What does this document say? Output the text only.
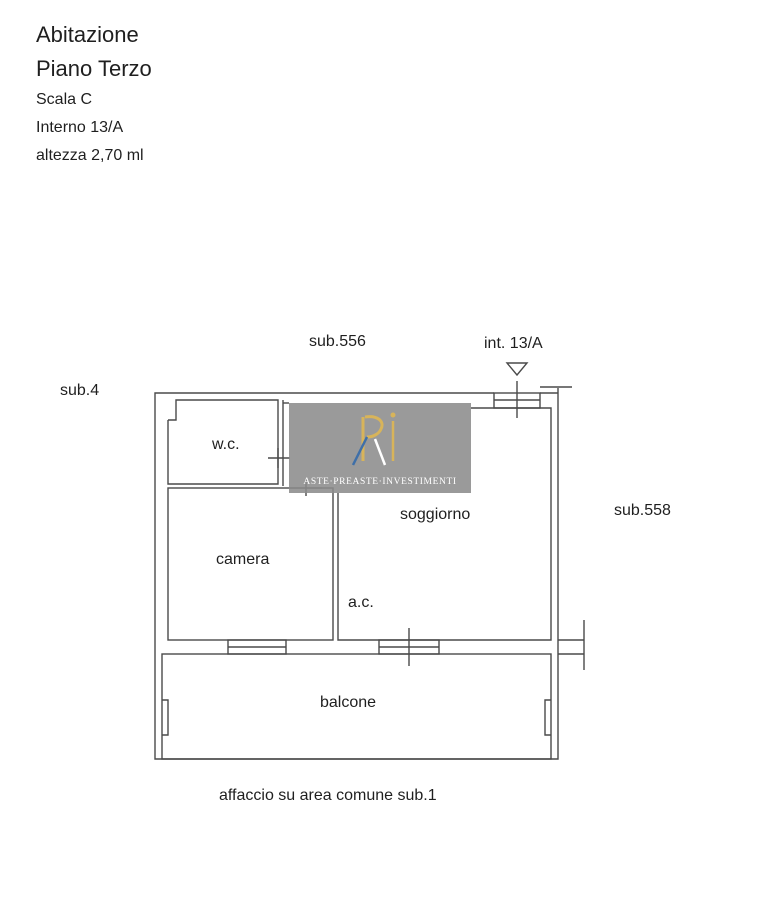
Abitazione
Piano Terzo
Scala C
Interno 13/A
altezza 2,70 ml
sub.556
sub.4
int. 13/A
sub.558
affaccio su area comune sub.1
w.c.
camera
soggiorno
a.c.
balcone
ASTE·PREASTE·INVESTIMENTI
